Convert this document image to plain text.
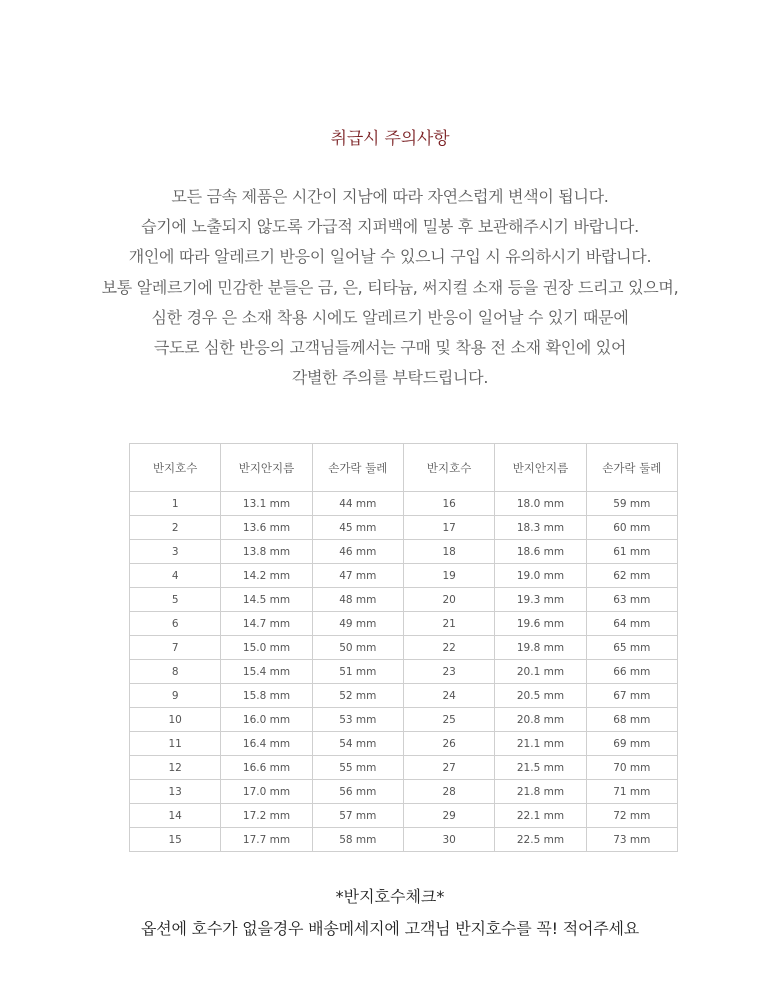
취급시 주의사항
모든 금속 제품은 시간이 지남에 따라 자연스럽게 변색이 됩니다.
습기에 노출되지 않도록 가급적 지퍼백에 밀봉 후 보관해주시기 바랍니다.
개인에 따라 알레르기 반응이 일어날 수 있으니 구입 시 유의하시기 바랍니다.
보통 알레르기에 민감한 분들은 금, 은, 티타늄, 써지컬 소재 등을 권장 드리고 있으며,
심한 경우 은 소재 착용 시에도 알레르기 반응이 일어날 수 있기 때문에
극도로 심한 반응의 고객님들께서는 구매 및 착용 전 소재 확인에 있어
각별한 주의를 부탁드립니다.
반지호수	반지안지름	손가락 둘레	반지호수	반지안지름	손가락 둘레
1	13.1 mm	44 mm	16	18.0 mm	59 mm
2	13.6 mm	45 mm	17	18.3 mm	60 mm
3	13.8 mm	46 mm	18	18.6 mm	61 mm
4	14.2 mm	47 mm	19	19.0 mm	62 mm
5	14.5 mm	48 mm	20	19.3 mm	63 mm
6	14.7 mm	49 mm	21	19.6 mm	64 mm
7	15.0 mm	50 mm	22	19.8 mm	65 mm
8	15.4 mm	51 mm	23	20.1 mm	66 mm
9	15.8 mm	52 mm	24	20.5 mm	67 mm
10	16.0 mm	53 mm	25	20.8 mm	68 mm
11	16.4 mm	54 mm	26	21.1 mm	69 mm
12	16.6 mm	55 mm	27	21.5 mm	70 mm
13	17.0 mm	56 mm	28	21.8 mm	71 mm
14	17.2 mm	57 mm	29	22.1 mm	72 mm
15	17.7 mm	58 mm	30	22.5 mm	73 mm
*반지호수체크*
옵션에 호수가 없을경우 배송메세지에 고객님 반지호수를 꼭! 적어주세요
